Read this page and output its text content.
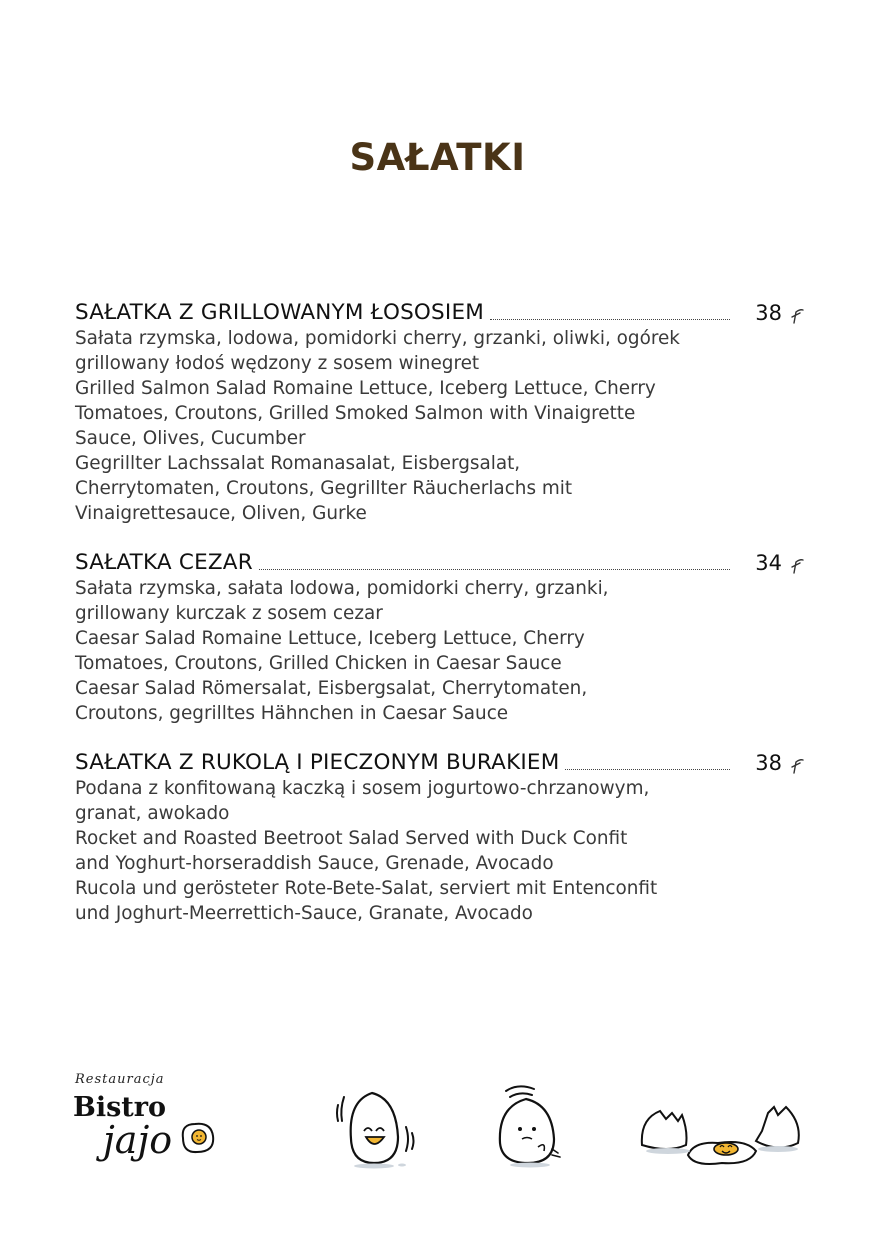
SAŁATKI
SAŁATKA Z GRILLOWANYM ŁOSOSIEM	38

Sałata rzymska, lodowa, pomidorki cherry, grzanki, oliwki, ogórek

grillowany łodoś wędzony z sosem winegret

Grilled Salmon Salad Romaine Lettuce, Iceberg Lettuce, Cherry

Tomatoes, Croutons, Grilled Smoked Salmon with Vinaigrette

Sauce, Olives, Cucumber

Gegrillter Lachssalat Romanasalat, Eisbergsalat,

Cherrytomaten, Croutons, Gegrillter Räucherlachs mit

Vinaigrettesauce, Oliven, Gurke

SAŁATKA CEZAR	34

Sałata rzymska, sałata lodowa, pomidorki cherry, grzanki,

grillowany kurczak z sosem cezar

Caesar Salad Romaine Lettuce, Iceberg Lettuce, Cherry

Tomatoes, Croutons, Grilled Chicken in Caesar Sauce

Caesar Salad Römersalat, Eisbergsalat, Cherrytomaten,

Croutons, gegrilltes Hähnchen in Caesar Sauce

SAŁATKA Z RUKOLĄ I PIECZONYM BURAKIEM	38

Podana z konfitowaną kaczką i sosem jogurtowo-chrzanowym,

granat, awokado

Rocket and Roasted Beetroot Salad Served with Duck Confit

and Yoghurt-horseraddish Sauce, Grenade, Avocado

Rucola und gerösteter Rote-Bete-Salat, serviert mit Entenconfit

und Joghurt-Meerrettich-Sauce, Granate, Avocado

Restauracja
Bistro
jajo
